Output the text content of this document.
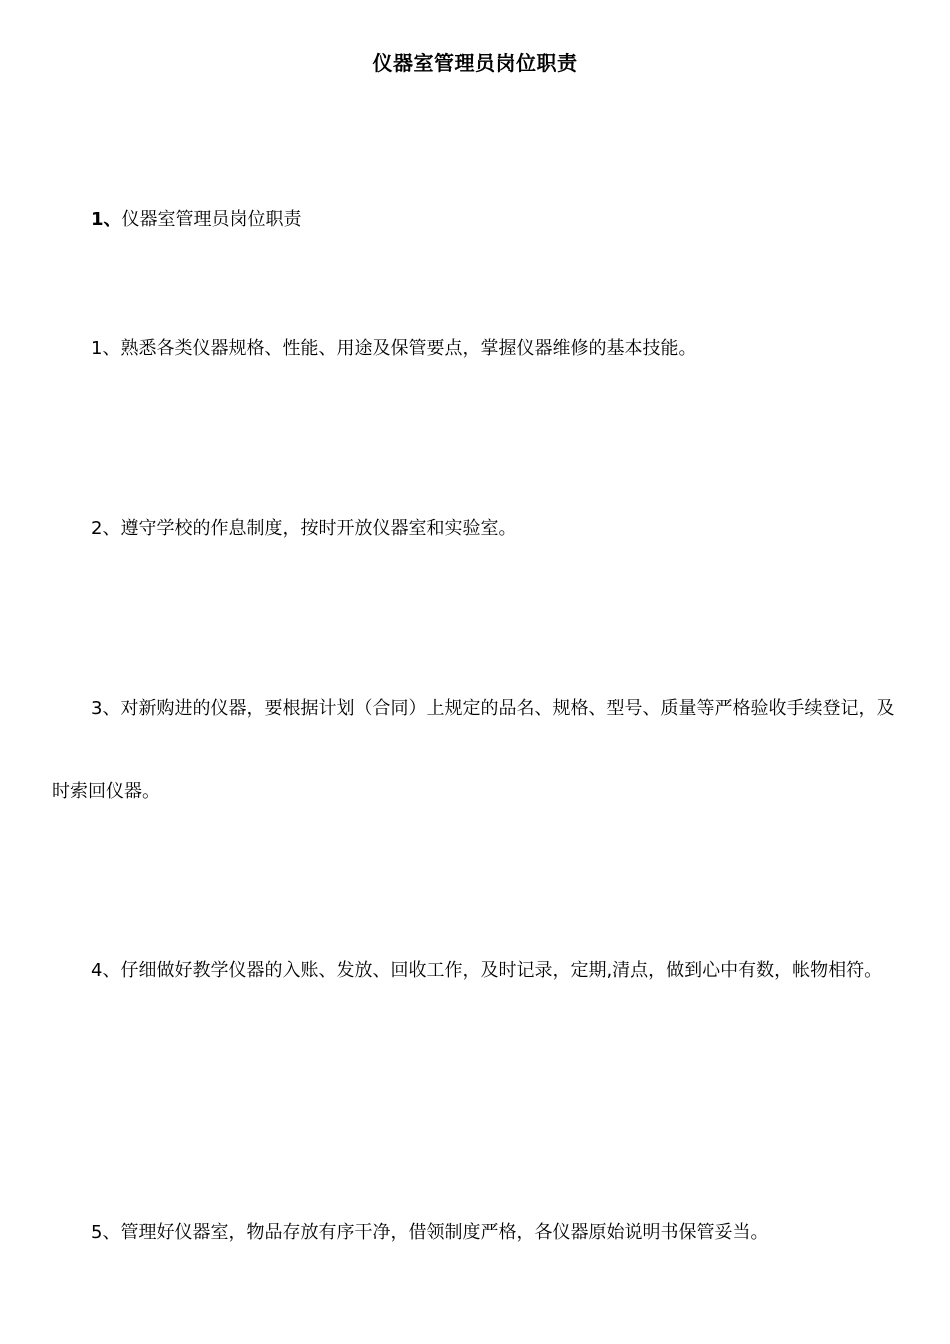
仪器室管理员岗位职责
1、仪器室管理员岗位职责

1、熟悉各类仪器规格、性能、用途及保管要点，掌握仪器维修的基本技能。

2、遵守学校的作息制度，按时开放仪器室和实验室。

3、对新购进的仪器，要根据计划（合同）上规定的品名、规格、型号、质量等严格验收手续登记，及时索回仪器。

4、仔细做好教学仪器的入账、发放、回收工作，及时记录，定期,清点，做到心中有数，帐物相符。

5、管理好仪器室，物品存放有序干净，借领制度严格，各仪器原始说明书保管妥当。
